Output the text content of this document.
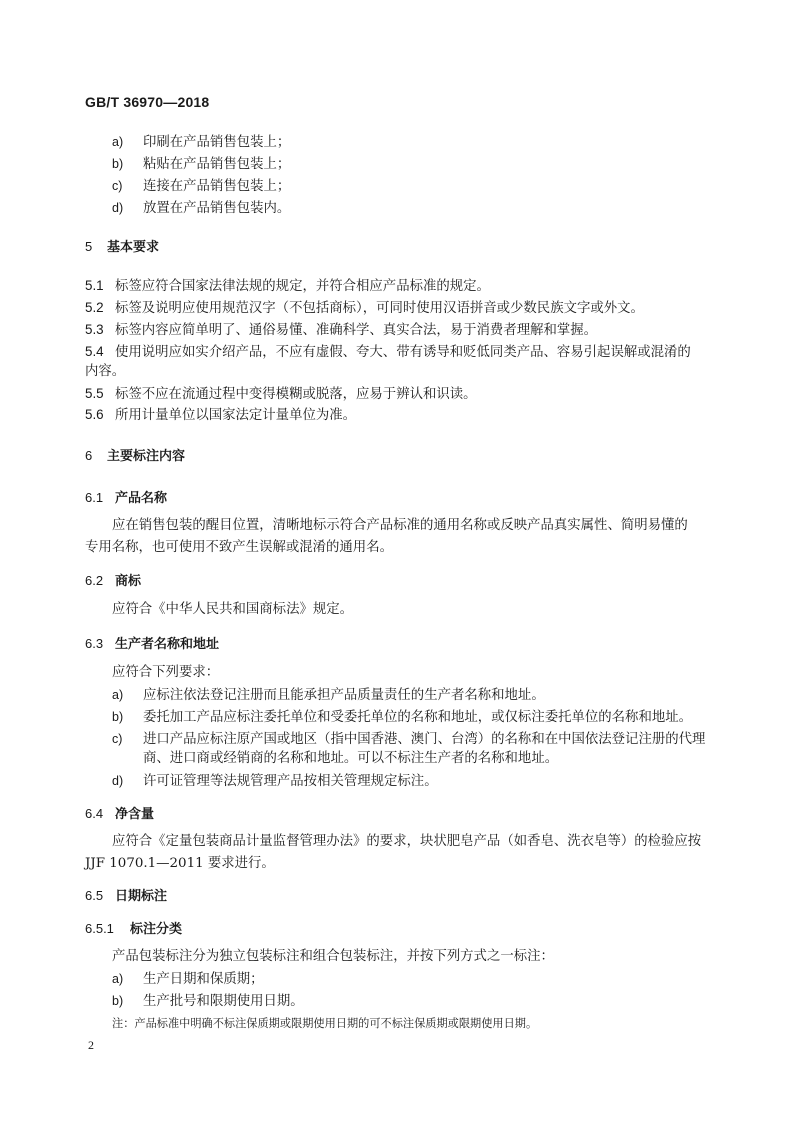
GB/T 36970—2018
a) 印刷在产品销售包装上；
b) 粘贴在产品销售包装上；
c) 连接在产品销售包装上；
d) 放置在产品销售包装内。
5 基本要求
5.1 标签应符合国家法律法规的规定，并符合相应产品标准的规定。
5.2 标签及说明应使用规范汉字（不包括商标），可同时使用汉语拼音或少数民族文字或外文。
5.3 标签内容应简单明了、通俗易懂、准确科学、真实合法，易于消费者理解和掌握。
5.4 使用说明应如实介绍产品，不应有虚假、夸大、带有诱导和贬低同类产品、容易引起误解或混淆的
内容。
5.5 标签不应在流通过程中变得模糊或脱落，应易于辨认和识读。
5.6 所用计量单位以国家法定计量单位为准。
6 主要标注内容
6.1 产品名称
应在销售包装的醒目位置，清晰地标示符合产品标准的通用名称或反映产品真实属性、简明易懂的
专用名称，也可使用不致产生误解或混淆的通用名。
6.2 商标
应符合《中华人民共和国商标法》规定。
6.3 生产者名称和地址
应符合下列要求：
a) 应标注依法登记注册而且能承担产品质量责任的生产者名称和地址。
b) 委托加工产品应标注委托单位和受委托单位的名称和地址，或仅标注委托单位的名称和地址。
c) 进口产品应标注原产国或地区（指中国香港、澳门、台湾）的名称和在中国依法登记注册的代理
商、进口商或经销商的名称和地址。可以不标注生产者的名称和地址。
d) 许可证管理等法规管理产品按相关管理规定标注。
6.4 净含量
应符合《定量包装商品计量监督管理办法》的要求，块状肥皂产品（如香皂、洗衣皂等）的检验应按
JJF 1070.1—2011 要求进行。
6.5 日期标注
6.5.1 标注分类
产品包装标注分为独立包装标注和组合包装标注，并按下列方式之一标注：
a) 生产日期和保质期；
b) 生产批号和限期使用日期。
注：产品标准中明确不标注保质期或限期使用日期的可不标注保质期或限期使用日期。
2
